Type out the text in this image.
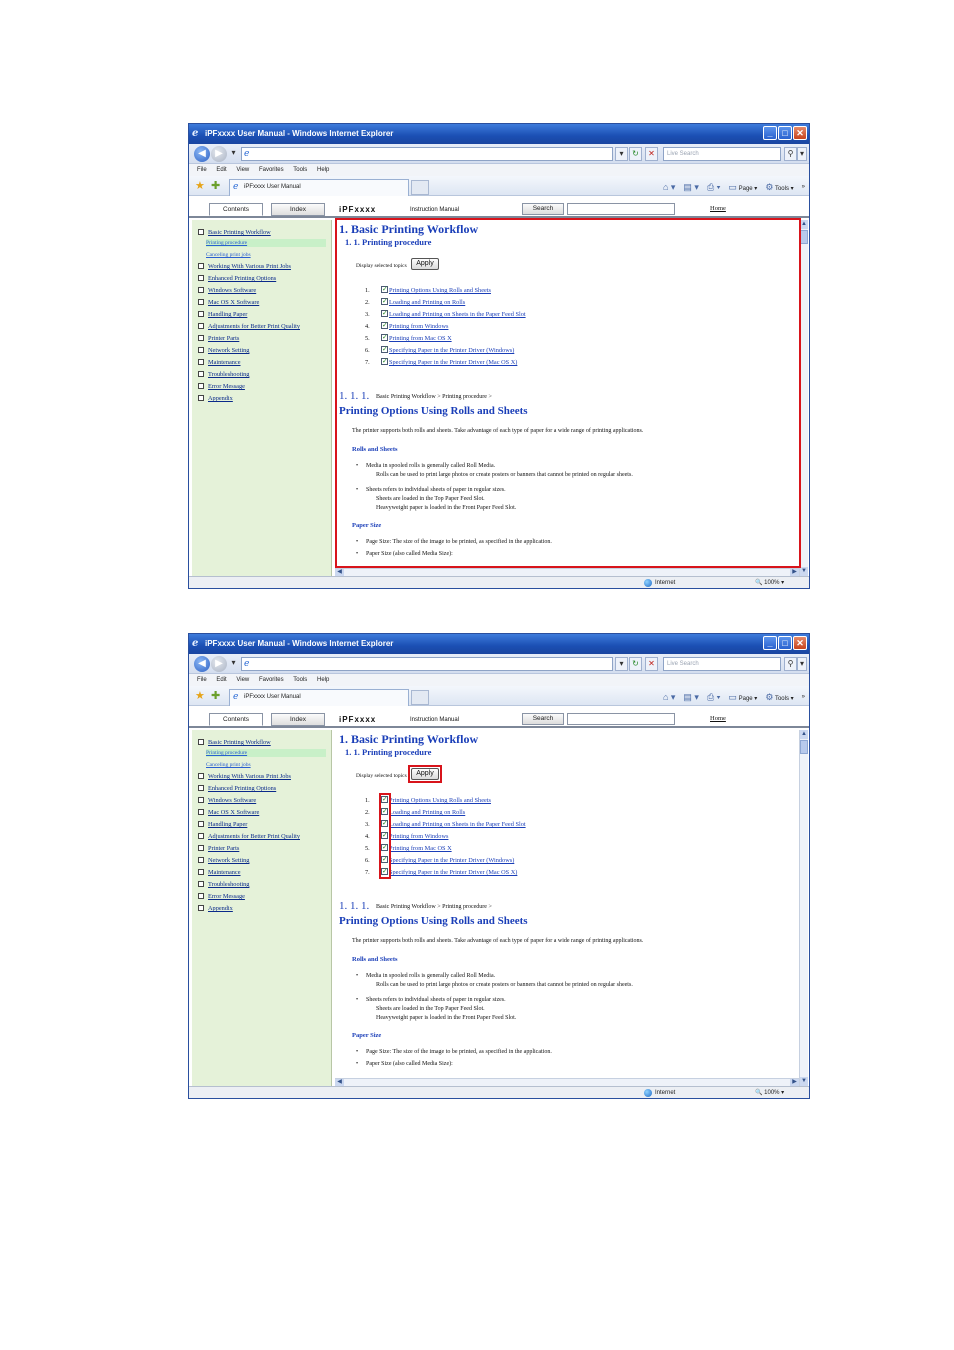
e iPFxxxx User Manual - Windows Internet Explorer	_	□ ✕
◀ ▶	▾ e	▾	↻	✕	Live Search	⚲ ▾
File Edit View Favorites Tools Help
★ ✚ e iPFxxxx User Manual	⌂ ▾ ▤ ▾ ⎙ ▾ ▭ Page ▾ ⚙ Tools ▾ »
Contents	Index	iPFxxxx	Instruction Manual	Search	Home
Basic Printing Workflow
Printing procedure
Canceling print jobs
Working With Various Print Jobs
Enhanced Printing Options
Windows Software
Mac OS X Software
Handling Paper
Adjustments for Better Print Quality
Printer Parts
Network Setting
Maintenance
Troubleshooting
Error Message
Appendix
1. Basic Printing Workflow
1. 1. Printing procedure
Display selected topics	Apply
1. ✓	Printing Options Using Rolls and Sheets
2. ✓	Loading and Printing on Rolls
3. ✓	Loading and Printing on Sheets in the Paper Feed Slot
4. ✓	Printing from Windows
5. ✓	Printing from Mac OS X
6. ✓	Specifying Paper in the Printer Driver (Windows)
7. ✓	Specifying Paper in the Printer Driver (Mac OS X)
1. 1. 1. Basic Printing Workflow > Printing procedure >
Printing Options Using Rolls and Sheets
The printer supports both rolls and sheets. Take advantage of each type of paper for a wide range of printing applications.
Rolls and Sheets
• Media in spooled rolls is generally called Roll Media.
Rolls can be used to print large photos or create posters or banners that cannot be printed on regular sheets.
• Sheets refers to individual sheets of paper in regular sizes.
Sheets are loaded in the Top Paper Feed Slot.
Heavyweight paper is loaded in the Front Paper Feed Slot.
Paper Size
• Page Size: The size of the image to be printed, as specified in the application.
• Paper Size (also called Media Size):
▲
▼
◀	▶
Internet	🔍 100% ▾
e iPFxxxx User Manual - Windows Internet Explorer	_	□ ✕
◀ ▶	▾ e	▾	↻	✕	Live Search	⚲ ▾
File Edit View Favorites Tools Help
★ ✚ e iPFxxxx User Manual	⌂ ▾ ▤ ▾ ⎙ ▾ ▭ Page ▾ ⚙ Tools ▾ »
Contents	Index	iPFxxxx	Instruction Manual	Search	Home
Basic Printing Workflow
Printing procedure
Canceling print jobs
Working With Various Print Jobs
Enhanced Printing Options
Windows Software
Mac OS X Software
Handling Paper
Adjustments for Better Print Quality
Printer Parts
Network Setting
Maintenance
Troubleshooting
Error Message
Appendix
1. Basic Printing Workflow
1. 1. Printing procedure
Display selected topics	Apply
1. ✓	Printing Options Using Rolls and Sheets
2. ✓	Loading and Printing on Rolls
3. ✓	Loading and Printing on Sheets in the Paper Feed Slot
4. ✓	Printing from Windows
5. ✓	Printing from Mac OS X
6. ✓	Specifying Paper in the Printer Driver (Windows)
7. ✓	Specifying Paper in the Printer Driver (Mac OS X)
1. 1. 1. Basic Printing Workflow > Printing procedure >
Printing Options Using Rolls and Sheets
The printer supports both rolls and sheets. Take advantage of each type of paper for a wide range of printing applications.
Rolls and Sheets
• Media in spooled rolls is generally called Roll Media.
Rolls can be used to print large photos or create posters or banners that cannot be printed on regular sheets.
• Sheets refers to individual sheets of paper in regular sizes.
Sheets are loaded in the Top Paper Feed Slot.
Heavyweight paper is loaded in the Front Paper Feed Slot.
Paper Size
• Page Size: The size of the image to be printed, as specified in the application.
• Paper Size (also called Media Size):
▲
▼
◀	▶
Internet	🔍 100% ▾
